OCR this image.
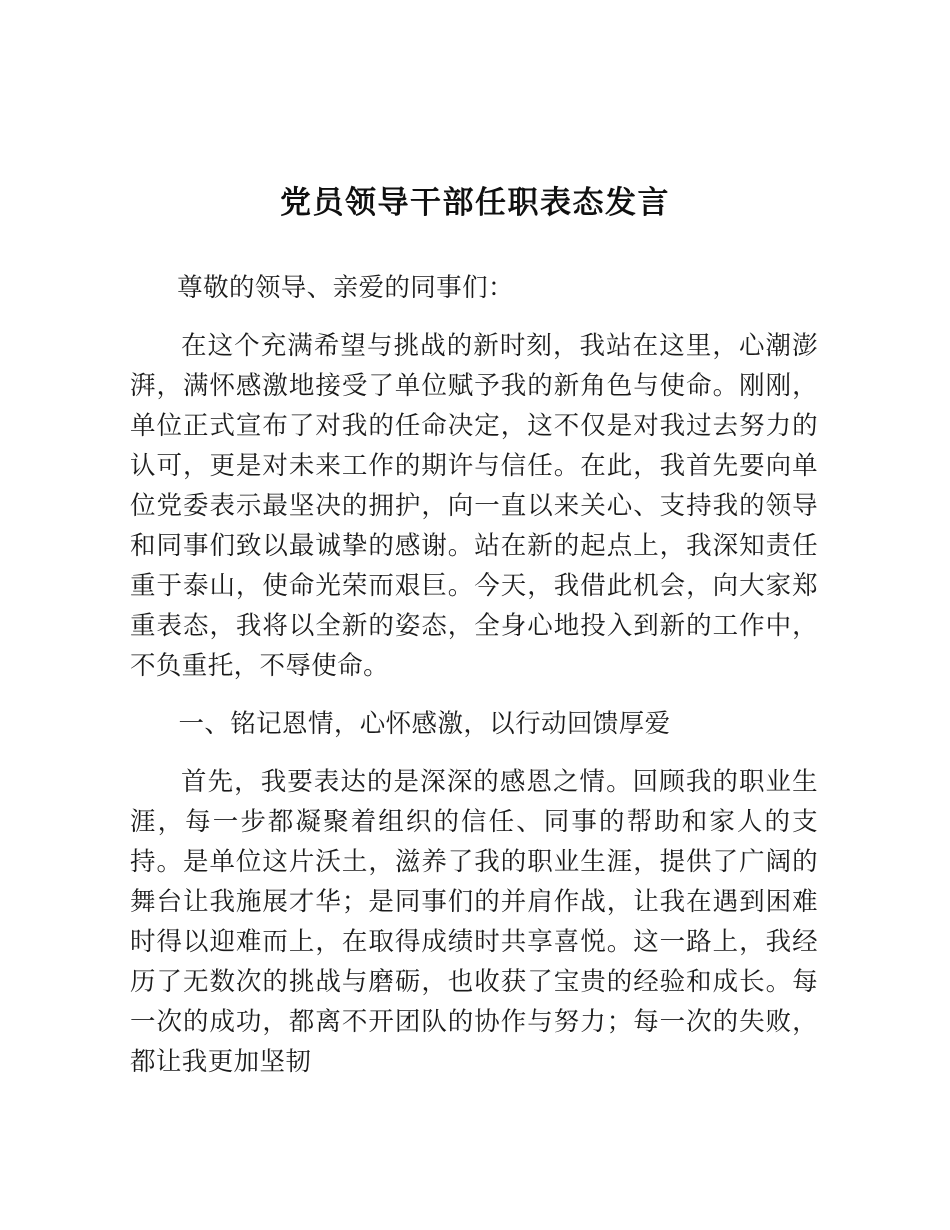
党员领导干部任职表态发言

尊敬的领导、亲爱的同事们：

在这个充满希望与挑战的新时刻，我站在这里，心潮澎湃，满怀感激地接受了单位赋予我的新角色与使命。刚刚，单位正式宣布了对我的任命决定，这不仅是对我过去努力的认可，更是对未来工作的期许与信任。在此，我首先要向单位党委表示最坚决的拥护，向一直以来关心、支持我的领导和同事们致以最诚挚的感谢。站在新的起点上，我深知责任重于泰山，使命光荣而艰巨。今天，我借此机会，向大家郑重表态，我将以全新的姿态，全身心地投入到新的工作中，不负重托，不辱使命。

一、铭记恩情，心怀感激，以行动回馈厚爱

首先，我要表达的是深深的感恩之情。回顾我的职业生涯，每一步都凝聚着组织的信任、同事的帮助和家人的支持。是单位这片沃土，滋养了我的职业生涯，提供了广阔的舞台让我施展才华；是同事们的并肩作战，让我在遇到困难时得以迎难而上，在取得成绩时共享喜悦。这一路上，我经历了无数次的挑战与磨砺，也收获了宝贵的经验和成长。每一次的成功，都离不开团队的协作与努力；每一次的失败，都让我更加坚韧
